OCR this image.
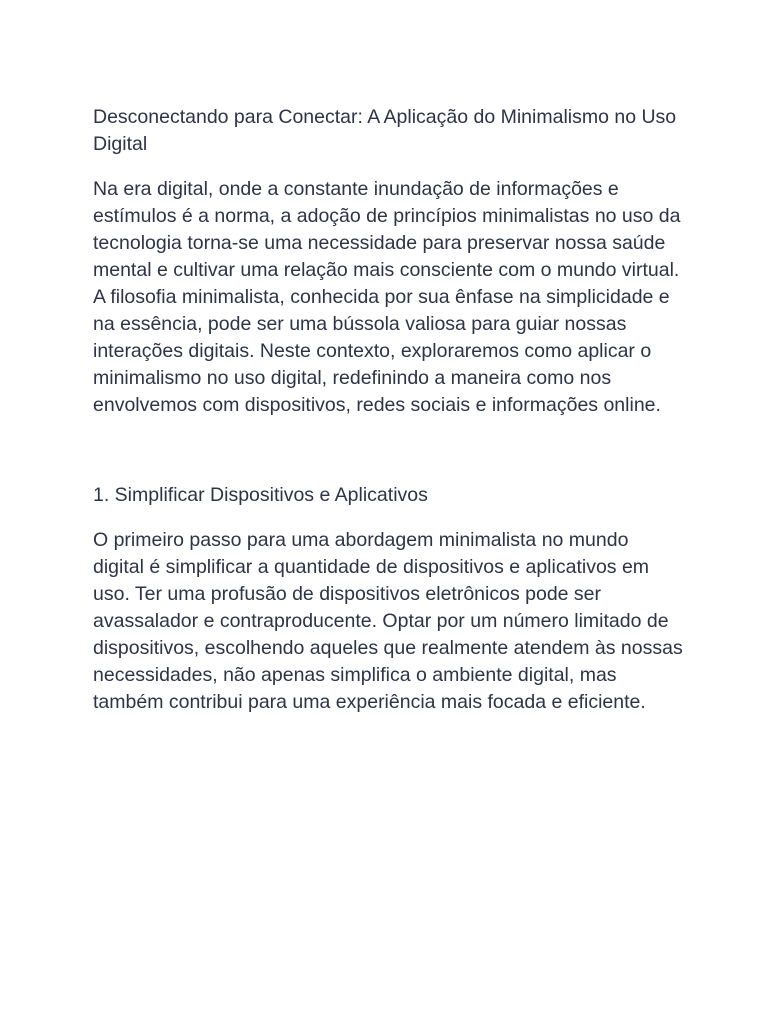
Desconectando para Conectar: A Aplicação do Minimalismo no Uso Digital

Na era digital, onde a constante inundação de informações e estímulos é a norma, a adoção de princípios minimalistas no uso da tecnologia torna-se uma necessidade para preservar nossa saúde mental e cultivar uma relação mais consciente com o mundo virtual. A filosofia minimalista, conhecida por sua ênfase na simplicidade e na essência, pode ser uma bússola valiosa para guiar nossas interações digitais. Neste contexto, exploraremos como aplicar o minimalismo no uso digital, redefinindo a maneira como nos envolvemos com dispositivos, redes sociais e informações online.

1. Simplificar Dispositivos e Aplicativos

O primeiro passo para uma abordagem minimalista no mundo digital é simplificar a quantidade de dispositivos e aplicativos em uso. Ter uma profusão de dispositivos eletrônicos pode ser avassalador e contraproducente. Optar por um número limitado de dispositivos, escolhendo aqueles que realmente atendem às nossas necessidades, não apenas simplifica o ambiente digital, mas também contribui para uma experiência mais focada e eficiente.
